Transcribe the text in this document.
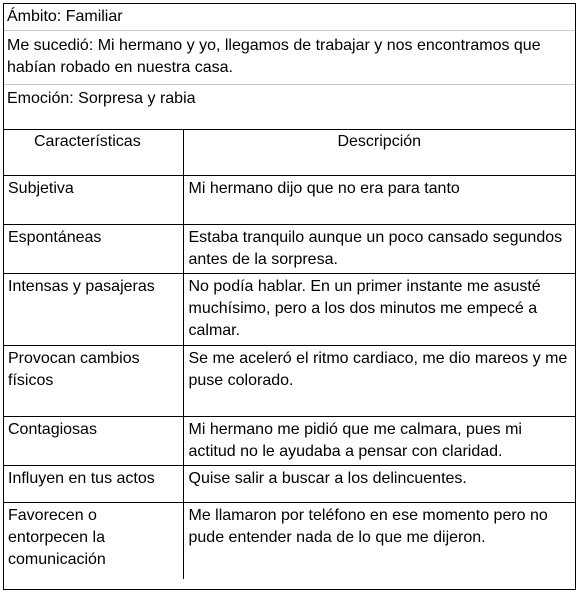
Ámbito: Familiar
Me sucedió: Mi hermano y yo, llegamos de trabajar y nos encontramos que habían robado en nuestra casa.
Emoción: Sorpresa y rabia
Características	Descripción
Subjetiva	Mi hermano dijo que no era para tanto
Espontáneas	Estaba tranquilo aunque un poco cansado segundos antes de la sorpresa.
Intensas y pasajeras	No podía hablar. En un primer instante me asusté muchísimo, pero a los dos minutos me empecé a calmar.
Provocan cambios físicos	Se me aceleró el ritmo cardiaco, me dio mareos y me puse colorado.
Contagiosas	Mi hermano me pidió que me calmara, pues mi actitud no le ayudaba a pensar con claridad.
Influyen en tus actos	Quise salir a buscar a los delincuentes.
Favorecen o entorpecen la comunicación	Me llamaron por teléfono en ese momento pero no pude entender nada de lo que me dijeron.
